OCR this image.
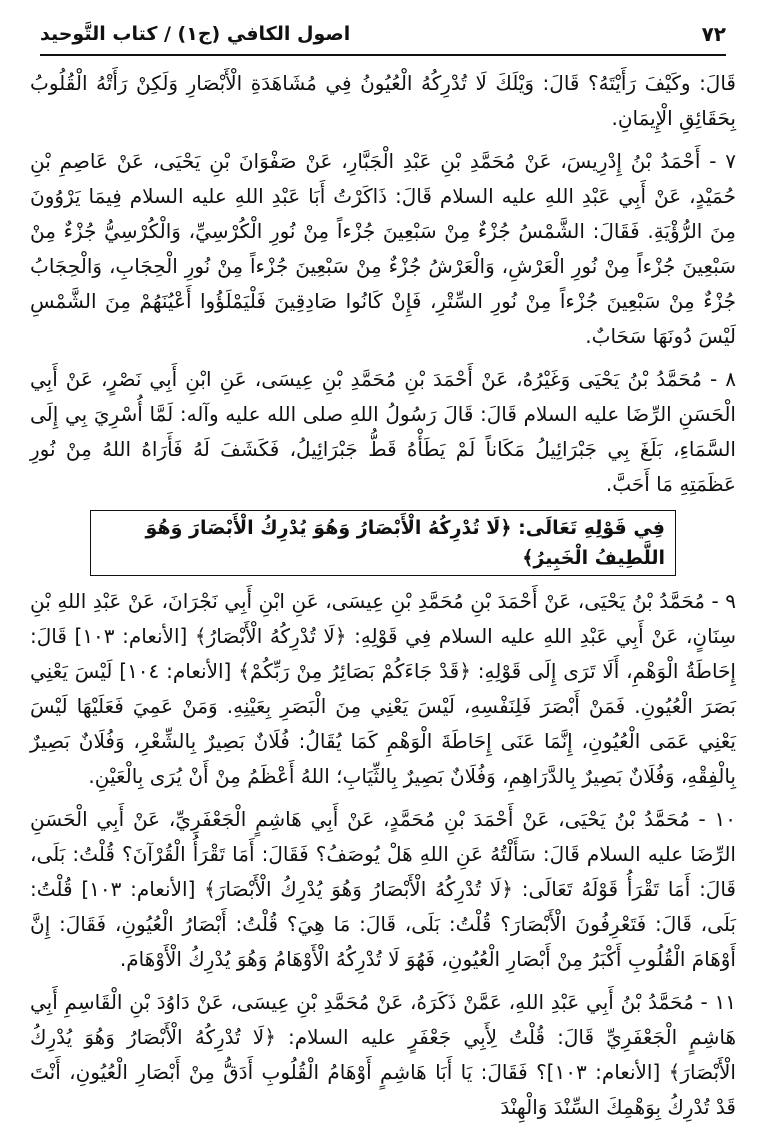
٧٢
اصول الكافي (ج١) / كتاب التَّوحيد

قَالَ: وكَيْفَ رَأَيْتَهُ؟ قَالَ: وَيْلَكَ لَا تُدْرِكُهُ الْعُيُونُ فِي مُشَاهَدَةِ الْأَبْصَارِ وَلَكِنْ رَأَتْهُ الْقُلُوبُ بِحَقَائِقِ الْإِيمَانِ.

٧ - أَحْمَدُ بْنُ إِدْرِيسَ، عَنْ مُحَمَّدِ بْنِ عَبْدِ الْجَبَّارِ، عَنْ صَفْوَانَ بْنِ يَحْيَى، عَنْ عَاصِمِ بْنِ حُمَيْدٍ، عَنْ أَبِي عَبْدِ اللهِ عليه السلام قَالَ: ذَاكَرْتُ أَبَا عَبْدِ اللهِ عليه السلام فِيمَا يَرْوُونَ مِنَ الرُّؤْيَةِ. فَقَالَ: الشَّمْسُ جُزْءٌ مِنْ سَبْعِينَ جُزْءاً مِنْ نُورِ الْكُرْسِيِّ، وَالْكُرْسِيُّ جُزْءٌ مِنْ سَبْعِينَ جُزْءاً مِنْ نُورِ الْعَرْشِ، وَالْعَرْشُ جُزْءٌ مِنْ سَبْعِينَ جُزْءاً مِنْ نُورِ الْحِجَابِ، وَالْحِجَابُ جُزْءٌ مِنْ سَبْعِينَ جُزْءاً مِنْ نُورِ السِّتْرِ، فَإِنْ كَانُوا صَادِقِينَ فَلْيَمْلَؤُوا أَعْيُنَهُمْ مِنَ الشَّمْسِ لَيْسَ دُونَهَا سَحَابٌ.

٨ - مُحَمَّدُ بْنُ يَحْيَى وَغَيْرُهُ، عَنْ أَحْمَدَ بْنِ مُحَمَّدِ بْنِ عِيسَى، عَنِ ابْنِ أَبِي نَصْرٍ، عَنْ أَبِي الْحَسَنِ الرِّضَا عليه السلام قَالَ: قَالَ رَسُولُ اللهِ صلى الله عليه وآله: لَمَّا أُسْرِيَ بِي إِلَى السَّمَاءِ، بَلَغَ بِي جَبْرَائِيلُ مَكَاناً لَمْ يَطَأْهُ قَطُّ جَبْرَائِيلُ، فَكَشَفَ لَهُ فَأَرَاهُ اللهُ مِنْ نُورِ عَظَمَتِهِ مَا أَحَبَّ.

فِي قَوْلِهِ تَعَالَى: ﴿لَا تُدْرِكُهُ الْأَبْصَارُ وَهُوَ يُدْرِكُ الْأَبْصَارَ وَهُوَ اللَّطِيفُ الْخَبِيرُ﴾

٩ - مُحَمَّدُ بْنُ يَحْيَى، عَنْ أَحْمَدَ بْنِ مُحَمَّدِ بْنِ عِيسَى، عَنِ ابْنِ أَبِي نَجْرَانَ، عَنْ عَبْدِ اللهِ بْنِ سِنَانٍ، عَنْ أَبِي عَبْدِ اللهِ عليه السلام فِي قَوْلِهِ: ﴿لَا تُدْرِكُهُ الْأَبْصَارُ﴾ [الأنعام: ١٠٣] قَالَ: إِحَاطَةُ الْوَهْمِ، أَلَا تَرَى إِلَى قَوْلِهِ: ﴿قَدْ جَاءَكُمْ بَصَائِرُ مِنْ رَبِّكُمْ﴾ [الأنعام: ١٠٤] لَيْسَ يَعْنِي بَصَرَ الْعُيُونِ. فَمَنْ أَبْصَرَ فَلِنَفْسِهِ، لَيْسَ يَعْنِي مِنَ الْبَصَرِ بِعَيْنِهِ. وَمَنْ عَمِيَ فَعَلَيْهَا لَيْسَ يَعْنِي عَمَى الْعُيُونِ، إِنَّمَا عَنَى إِحَاطَةَ الْوَهْمِ كَمَا يُقَالُ: فُلَانٌ بَصِيرٌ بِالشِّعْرِ، وَفُلَانٌ بَصِيرٌ بِالْفِقْهِ، وَفُلَانٌ بَصِيرٌ بِالدَّرَاهِمِ، وَفُلَانٌ بَصِيرٌ بِالثِّيَابِ؛ اللهُ أَعْظَمُ مِنْ أَنْ يُرَى بِالْعَيْنِ.

١٠ - مُحَمَّدُ بْنُ يَحْيَى، عَنْ أَحْمَدَ بْنِ مُحَمَّدٍ، عَنْ أَبِي هَاشِمٍ الْجَعْفَرِيِّ، عَنْ أَبِي الْحَسَنِ الرِّضَا عليه السلام قَالَ: سَأَلْتُهُ عَنِ اللهِ هَلْ يُوصَفُ؟ فَقَالَ: أَمَا تَقْرَأُ الْقُرْآنَ؟ قُلْتُ: بَلَى، قَالَ: أَمَا تَقْرَأُ قَوْلَهُ تَعَالَى: ﴿لَا تُدْرِكُهُ الْأَبْصَارُ وَهُوَ يُدْرِكُ الْأَبْصَارَ﴾ [الأنعام: ١٠٣] قُلْتُ: بَلَى، قَالَ: فَتَعْرِفُونَ الْأَبْصَارَ؟ قُلْتُ: بَلَى، قَالَ: مَا هِيَ؟ قُلْتُ: أَبْصَارُ الْعُيُونِ، فَقَالَ: إِنَّ أَوْهَامَ الْقُلُوبِ أَكْبَرُ مِنْ أَبْصَارِ الْعُيُونِ، فَهُوَ لَا تُدْرِكُهُ الْأَوْهَامُ وَهُوَ يُدْرِكُ الْأَوْهَامَ.

١١ - مُحَمَّدُ بْنُ أَبِي عَبْدِ اللهِ، عَمَّنْ ذَكَرَهُ، عَنْ مُحَمَّدِ بْنِ عِيسَى، عَنْ دَاوُدَ بْنِ الْقَاسِمِ أَبِي هَاشِمٍ الْجَعْفَرِيِّ قَالَ: قُلْتُ لِأَبِي جَعْفَرٍ عليه السلام: ﴿لَا تُدْرِكُهُ الْأَبْصَارُ وَهُوَ يُدْرِكُ الْأَبْصَارَ﴾ [الأنعام: ١٠٣]؟ فَقَالَ: يَا أَبَا هَاشِمٍ أَوْهَامُ الْقُلُوبِ أَدَقُّ مِنْ أَبْصَارِ الْعُيُونِ، أَنْتَ قَدْ تُدْرِكُ بِوَهْمِكَ السِّنْدَ وَالْهِنْدَ
